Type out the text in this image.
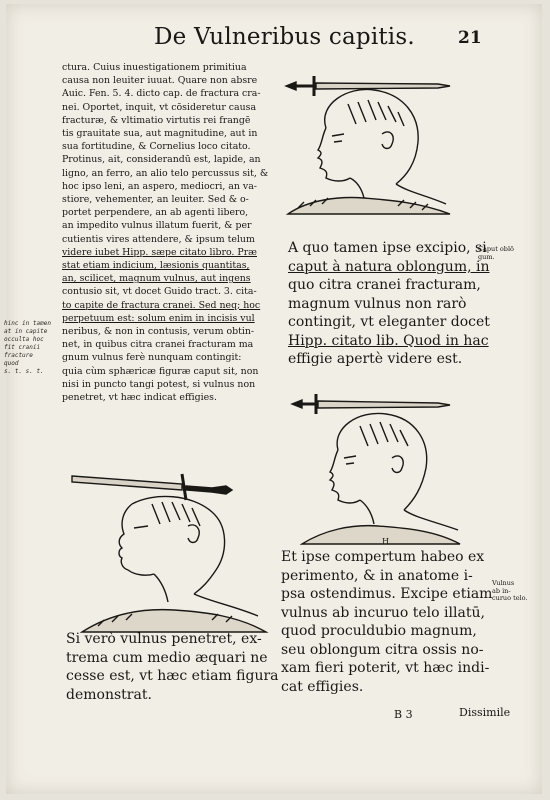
De Vulneribus capitis.	21
ctura. Cuius inuestigationem primitiua
causa non leuiter iuuat. Quare non absre
Auic. Fen. 5. 4. dicto cap. de fractura cra-
nei. Oportet, inquit, vt cōsideretur causa
fracturæ, & vltimatio virtutis rei frangē
tis grauitate sua, aut magnitudine, aut in
sua fortitudine, & Cornelius loco citato.
Protinus, ait, considerandū est, lapide, an
ligno, an ferro, an alio telo percussus sit, &
hoc ipso leni, an aspero, mediocri, an va-
stiore, vehementer, an leuiter. Sed & o-
portet perpendere, an ab agenti libero,
an impedito vulnus illatum fuerit, & per
cutientis vires attendere, & ipsum telum
videre iubet Hipp. sæpe citato libro. Præ
stat etiam indicium, læsionis quantitas,
an, scilicet, magnum vulnus, aut ingens
contusio sit, vt docet Guido tract. 3. cita-
to capite de fractura cranei. Sed neq; hoc
perpetuum est: solum enim in incisis vul
neribus, & non in contusis, verum obtin-
net, in quibus citra cranei fracturam ma
gnum vulnus ferè nunquam contingit:
quia cùm sphæricæ figuræ caput sit, non
nisi in puncto tangi potest, si vulnus non
penetret, vt hæc indicat effigies.
hinc in tamen
at in capite
occulta hoc
fit cranii
fracture
quod
s. t. s. t.
H
A quo tamen ipse excipio, si
caput à natura oblongum, in
quo citra cranei fracturam,
magnum vulnus non rarò
contingit, vt eleganter docet
Hipp. citato lib. Quod in hac
effigie apertè videre est.
Caput oblō
gum.
Et ipse compertum habeo ex
perimento, & in anatome i-
psa ostendimus. Excipe etiam
vulnus ab incuruo telo illatū,
quod proculdubio magnum,
seu oblongum citra ossis no-
xam fieri poterit, vt hæc indi-
cat effigies.
Vulnus
ab in-
curuo telo.
Si verò vulnus penetret, ex-
trema cum medio æquari ne
cesse est, vt hæc etiam figura
demonstrat.
B 3	Dissimile
